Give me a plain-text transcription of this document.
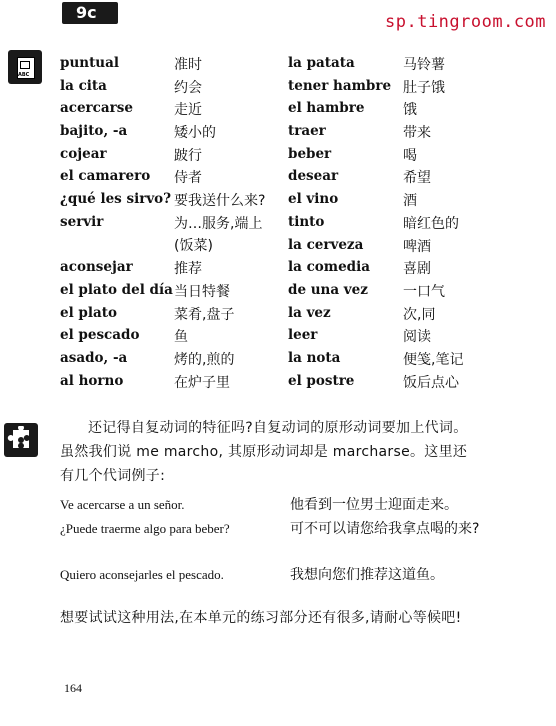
9c	sp.tingroom.com
ABC
puntual	准时
la cita	约会
acercarse	走近
bajito, -a	矮小的
cojear	跛行
el camarero 侍者
¿qué les sirvo? 要我送什么来?
servir	为…服务,端上(饭菜)
aconsejar	推荐
el plato del día 当日特餐
el plato	菜肴,盘子
el pescado 鱼
asado, -a	烤的,煎的
al horno	在炉子里
la patata	马铃薯
tener hambre 肚子饿
el hambre	饿
traer	带来
beber	喝
desear	希望
el vino	酒
tinto	暗红色的
la cerveza	啤酒
la comedia 喜剧
de una vez	一口气
la vez	次,同
leer	阅读
la nota	便笺,笔记
el postre	饭后点心
还记得自复动词的特征吗?自复动词的原形动词要加上代词。虽然我们说 me marcho, 其原形动词却是 marcharse。这里还有几个代词例子:
Ve acercarse a un señor.	他看到一位男士迎面走来。
¿Puede traerme algo para beber?	可不可以请您给我拿点喝的来?
Quiero aconsejarles el pescado.	我想向您们推荐这道鱼。
想要试试这种用法,在本单元的练习部分还有很多,请耐心等候吧!
164
